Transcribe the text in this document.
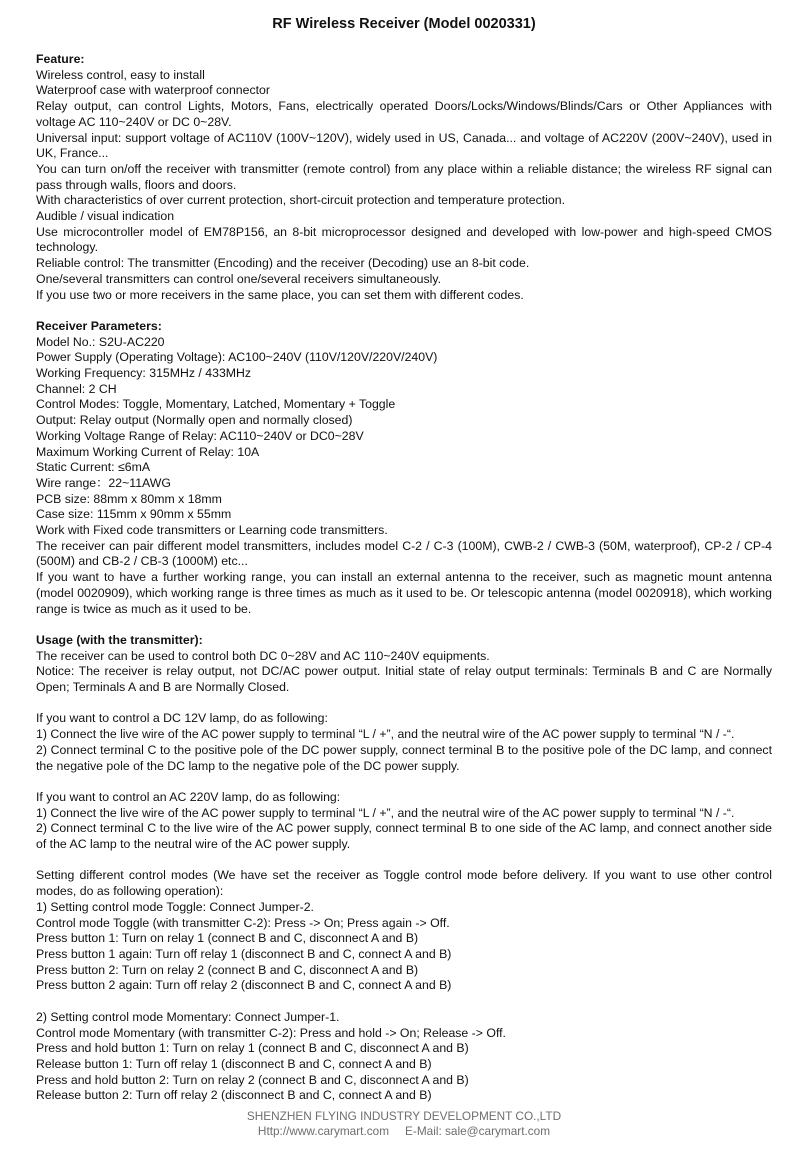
RF Wireless Receiver (Model 0020331)
Feature:

Wireless control, easy to install

Waterproof case with waterproof connector

Relay output, can control Lights, Motors, Fans, electrically operated Doors/Locks/Windows/Blinds/Cars or Other Appliances with voltage AC 110~240V or DC 0~28V.

Universal input: support voltage of AC110V (100V~120V), widely used in US, Canada... and voltage of AC220V (200V~240V), used in UK, France...

You can turn on/off the receiver with transmitter (remote control) from any place within a reliable distance; the wireless RF signal can pass through walls, floors and doors.

With characteristics of over current protection, short-circuit protection and temperature protection.

Audible / visual indication

Use microcontroller model of EM78P156, an 8-bit microprocessor designed and developed with low-power and high-speed CMOS technology.

Reliable control: The transmitter (Encoding) and the receiver (Decoding) use an 8-bit code.

One/several transmitters can control one/several receivers simultaneously.

If you use two or more receivers in the same place, you can set them with different codes.

Receiver Parameters:

Model No.: S2U-AC220

Power Supply (Operating Voltage): AC100~240V (110V/120V/220V/240V)

Working Frequency: 315MHz / 433MHz

Channel: 2 CH

Control Modes: Toggle, Momentary, Latched, Momentary + Toggle

Output: Relay output (Normally open and normally closed)

Working Voltage Range of Relay: AC110~240V or DC0~28V

Maximum Working Current of Relay: 10A

Static Current: ≤6mA

Wire range：22~11AWG

PCB size: 88mm x 80mm x 18mm

Case size: 115mm x 90mm x 55mm

Work with Fixed code transmitters or Learning code transmitters.

The receiver can pair different model transmitters, includes model C-2 / C-3 (100M), CWB-2 / CWB-3 (50M, waterproof), CP-2 / CP-4 (500M) and CB-2 / CB-3 (1000M) etc...

If you want to have a further working range, you can install an external antenna to the receiver, such as magnetic mount antenna (model 0020909), which working range is three times as much as it used to be. Or telescopic antenna (model 0020918), which working range is twice as much as it used to be.

Usage (with the transmitter):

The receiver can be used to control both DC 0~28V and AC 110~240V equipments.

Notice: The receiver is relay output, not DC/AC power output. Initial state of relay output terminals: Terminals B and C are Normally Open; Terminals A and B are Normally Closed.

If you want to control a DC 12V lamp, do as following:

1) Connect the live wire of the AC power supply to terminal “L / +”, and the neutral wire of the AC power supply to terminal “N / -“.

2) Connect terminal C to the positive pole of the DC power supply, connect terminal B to the positive pole of the DC lamp, and connect the negative pole of the DC lamp to the negative pole of the DC power supply.

If you want to control an AC 220V lamp, do as following:

1) Connect the live wire of the AC power supply to terminal “L / +”, and the neutral wire of the AC power supply to terminal “N / -“.

2) Connect terminal C to the live wire of the AC power supply, connect terminal B to one side of the AC lamp, and connect another side of the AC lamp to the neutral wire of the AC power supply.

Setting different control modes (We have set the receiver as Toggle control mode before delivery. If you want to use other control modes, do as following operation):

1) Setting control mode Toggle: Connect Jumper-2.

Control mode Toggle (with transmitter C-2): Press -> On; Press again -> Off.

Press button 1: Turn on relay 1 (connect B and C, disconnect A and B)

Press button 1 again: Turn off relay 1 (disconnect B and C, connect A and B)

Press button 2: Turn on relay 2 (connect B and C, disconnect A and B)

Press button 2 again: Turn off relay 2 (disconnect B and C, connect A and B)

2) Setting control mode Momentary: Connect Jumper-1.

Control mode Momentary (with transmitter C-2): Press and hold -> On; Release -> Off.

Press and hold button 1: Turn on relay 1 (connect B and C, disconnect A and B)

Release button 1: Turn off relay 1 (disconnect B and C, connect A and B)

Press and hold button 2: Turn on relay 2 (connect B and C, disconnect A and B)

Release button 2: Turn off relay 2 (disconnect B and C, connect A and B)

SHENZHEN FLYING INDUSTRY DEVELOPMENT CO.,LTD
Http://www.carymart.com E-Mail: sale@carymart.com
